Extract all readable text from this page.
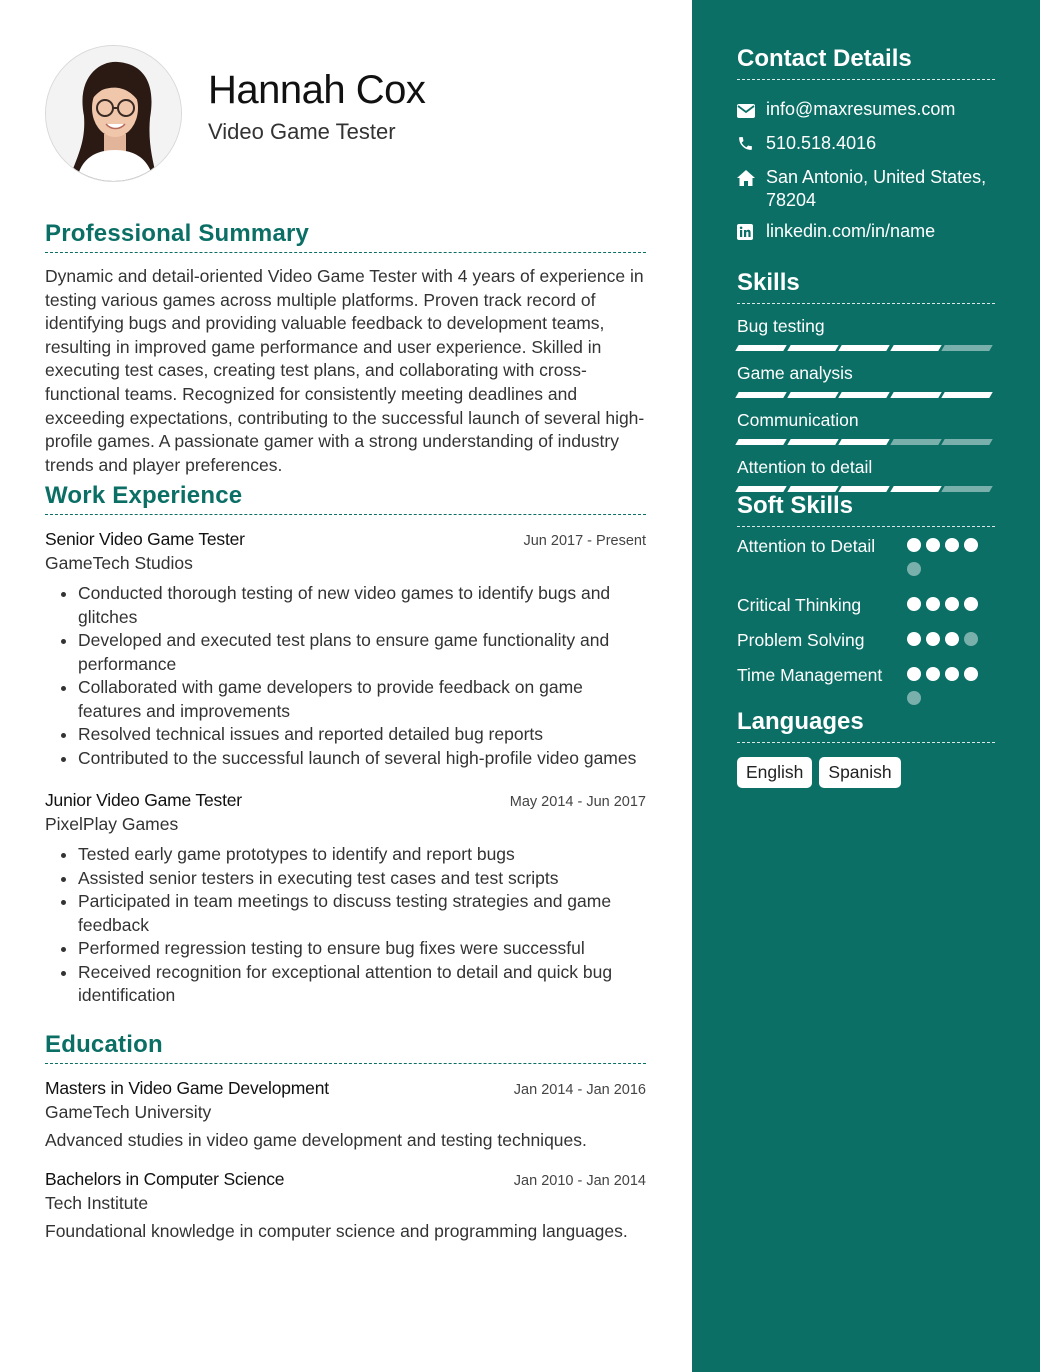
Hannah Cox
Video Game Tester
Professional Summary

Dynamic and detail-oriented Video Game Tester with 4 years of experience in testing various games across multiple platforms. Proven track record of identifying bugs and providing valuable feedback to development teams, resulting in improved game performance and user experience. Skilled in executing test cases, creating test plans, and collaborating with cross-functional teams. Recognized for consistently meeting deadlines and exceeding expectations, contributing to the successful launch of several high-profile games. A passionate gamer with a strong understanding of industry trends and player preferences.

Work Experience
Senior Video Game Tester	Jun 2017 - Present
GameTech Studios
• Conducted thorough testing of new video games to identify bugs and glitches
• Developed and executed test plans to ensure game functionality and performance
• Collaborated with game developers to provide feedback on game features and improvements
• Resolved technical issues and reported detailed bug reports
• Contributed to the successful launch of several high-profile video games
Junior Video Game Tester	May 2014 - Jun 2017
PixelPlay Games
• Tested early game prototypes to identify and report bugs
• Assisted senior testers in executing test cases and test scripts
• Participated in team meetings to discuss testing strategies and game feedback
• Performed regression testing to ensure bug fixes were successful
• Received recognition for exceptional attention to detail and quick bug identification
Education
Masters in Video Game Development	Jan 2014 - Jan 2016
GameTech University

Advanced studies in video game development and testing techniques.

Bachelors in Computer Science	Jan 2010 - Jan 2014
Tech Institute

Foundational knowledge in computer science and programming languages.

Contact Details
info@maxresumes.com
510.518.4016
San Antonio, United States, 78204
linkedin.com/in/name
Skills
Bug testing
Game analysis
Communication
Attention to detail
Soft Skills
Attention to Detail
Critical Thinking
Problem Solving
Time Management
Languages
English	Spanish
